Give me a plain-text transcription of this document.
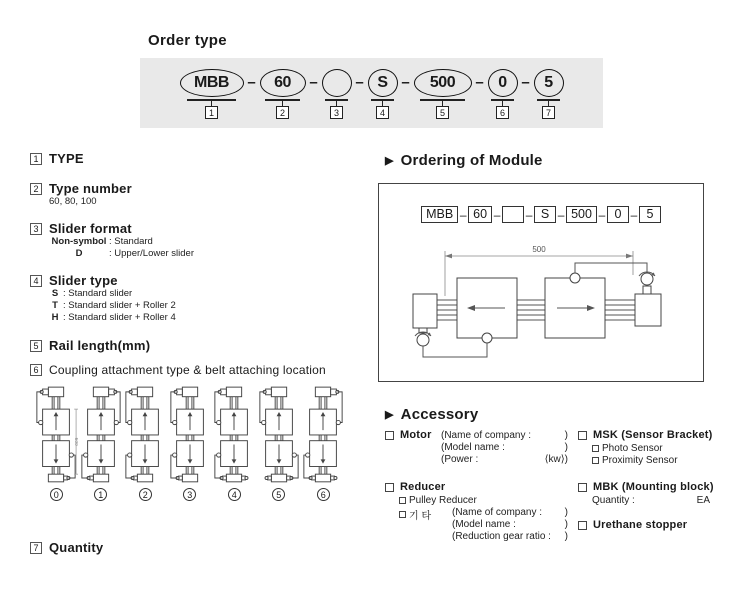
Order type
MBB
1
–	60
2
–
3
– S
4
–	500
5
– 0
6
– 5
7
1 TYPE
2 Type number
60, 80, 100
3 Slider format
Non-symbol : Standard
D	: Upper/Lower slider
4 Slider type
S : Standard slider
T : Standard slider + Roller 2
H : Standard slider + Roller 4
5 Rail length(mm)
6 Coupling attachment type & belt attaching location
500
0	1	2	3	4	5	6
7 Quantity
▶ Ordering of Module
MBB – 60 – – S – 500 – 0 – 5
500
▶ Accessory
Motor (Name of company :	)
(Model name :	)
(Power :	⟨kw⟩)
Reducer
Pulley Reducer
기 타 (Name of company : )
(Model name :	)
(Reduction gear ratio : )
MSK (Sensor Bracket)
Photo Sensor
Proximity Sensor
MBK (Mounting block)
Quantity :	EA
Urethane stopper
